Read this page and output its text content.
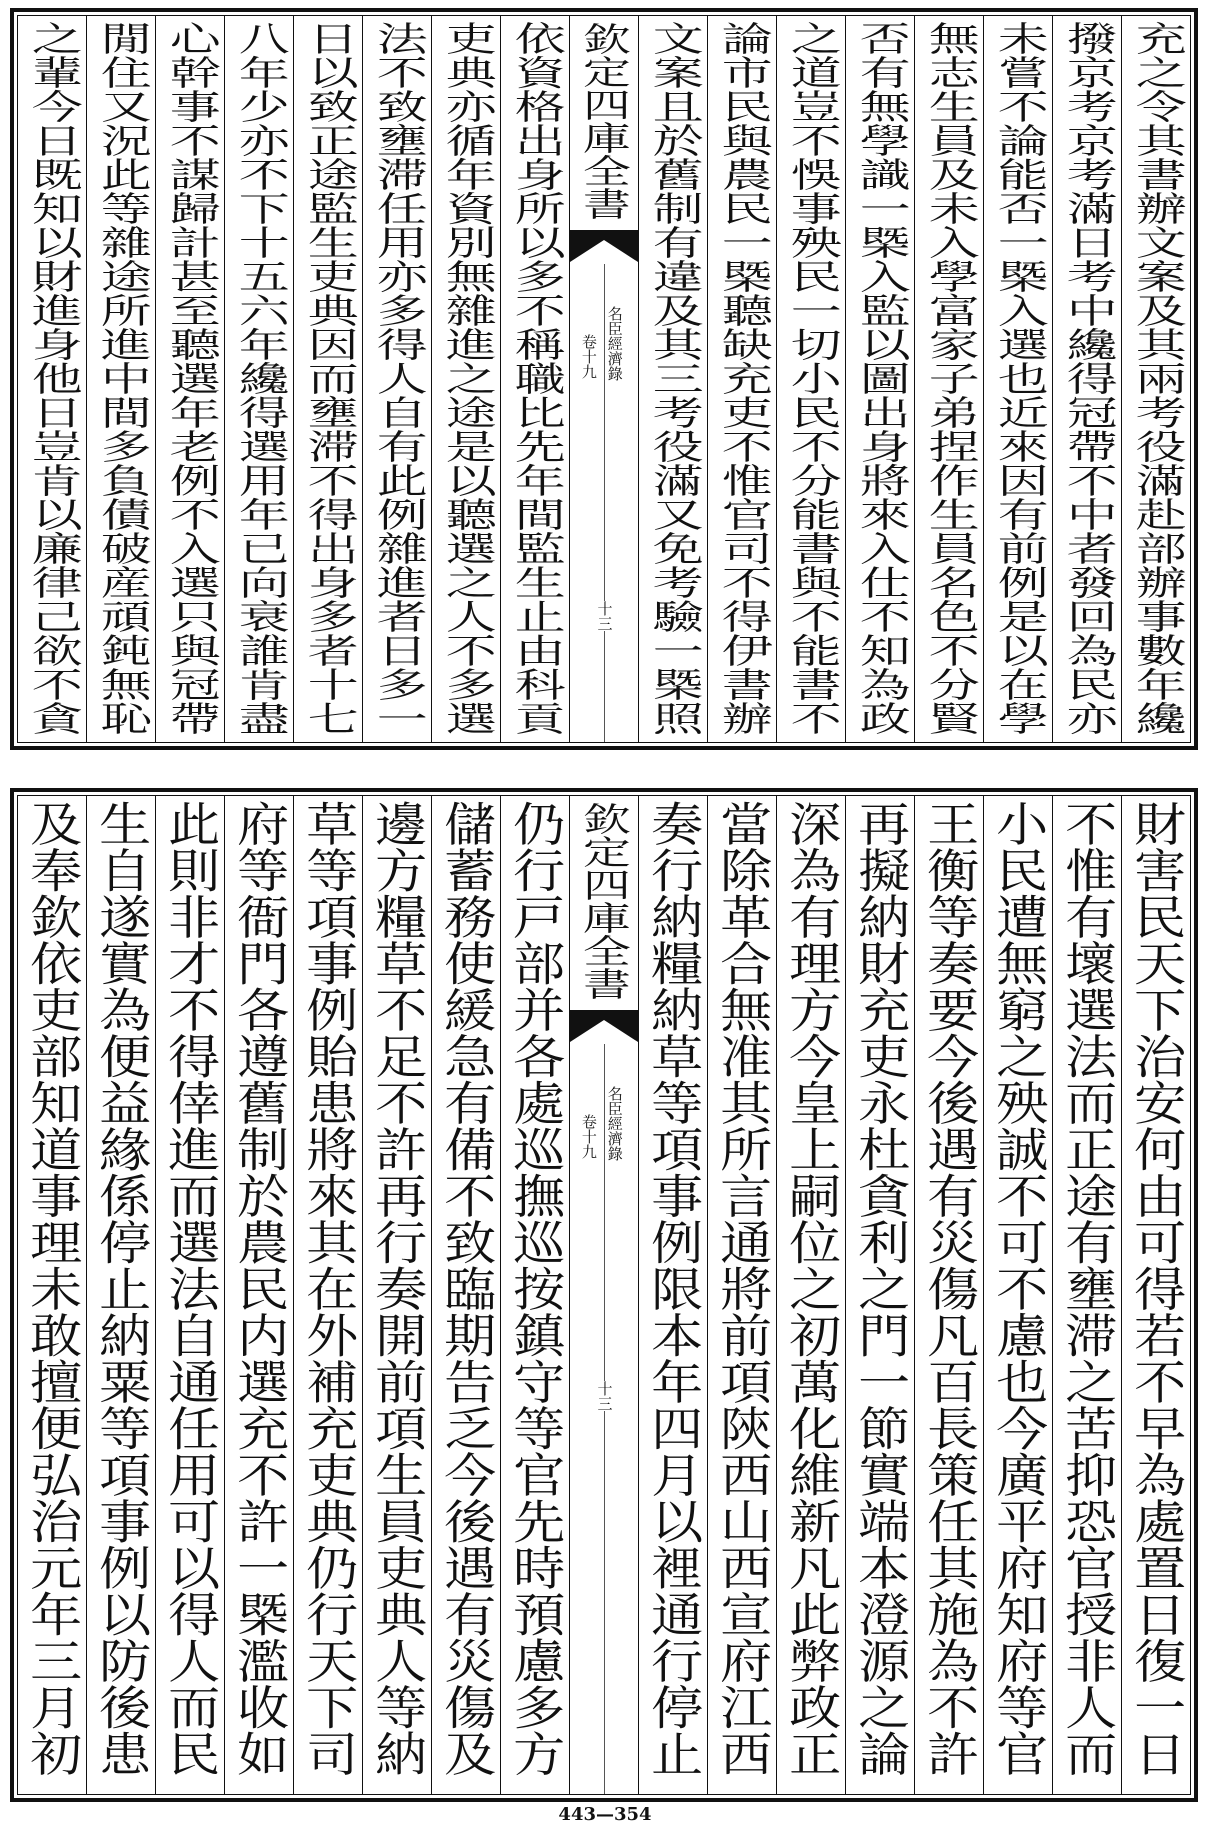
充之令其書辦文案及其兩考役滿赴部辦事數年纔
撥京考京考滿日考中纔得冠帶不中者發回為民亦
未嘗不論能否一槩入選也近來因有前例是以在學
無志生員及未入學富家子弟捏作生員名色不分賢
否有無學識一槩入監以圖出身將來入仕不知為政
之道豈不悞事殃民一切小民不分能書與不能書不
論市民與農民一槩聽缺充吏不惟官司不得伊書辦
文案且於舊制有違及其三考役滿又免考驗一槩照
欽定四庫全書
名臣經濟錄
卷十九
十三
依資格出身所以多不稱職比先年間監生止由科貢
吏典亦循年資別無雜進之途是以聽選之人不多選
法不致壅滞任用亦多得人自有此例雜進者日多一
日以致正途監生吏典因而壅滞不得出身多者十七
八年少亦不下十五六年纔得選用年已向衰誰肯盡
心幹事不謀歸計甚至聽選年老例不入選只與冠帶
閒住又況此等雜途所進中間多負債破産頑鈍無恥
之輩今日既知以財進身他日豈肯以廉律己欲不貪
財害民天下治安何由可得若不早為處置日復一日
不惟有壞選法而正途有壅滞之苦抑恐官授非人而
小民遭無窮之殃誠不可不慮也今廣平府知府等官
王衡等奏要今後遇有災傷凡百長策任其施為不許
再擬納財充吏永杜貪利之門一節實端本澄源之論
深為有理方今皇上嗣位之初萬化維新凡此弊政正
當除革合無准其所言通將前項陝西山西宣府江西
奏行納糧納草等項事例限本年四月以裡通行停止
欽定四庫全書
名臣經濟錄
卷十九
十三
仍行戸部并各處巡撫巡按鎮守等官先時預慮多方
儲蓄務使緩急有備不致臨期告乏今後遇有災傷及
邊方糧草不足不許再行奏開前項生員吏典人等納
草等項事例貽患將來其在外補充吏典仍行天下司
府等衙門各遵舊制於農民内選充不許一槩濫收如
此則非才不得倖進而選法自通任用可以得人而民
生自遂實為便益緣係停止納粟等項事例以防後患
及奉欽依吏部知道事理未敢擅便弘治元年三月初
443—354
